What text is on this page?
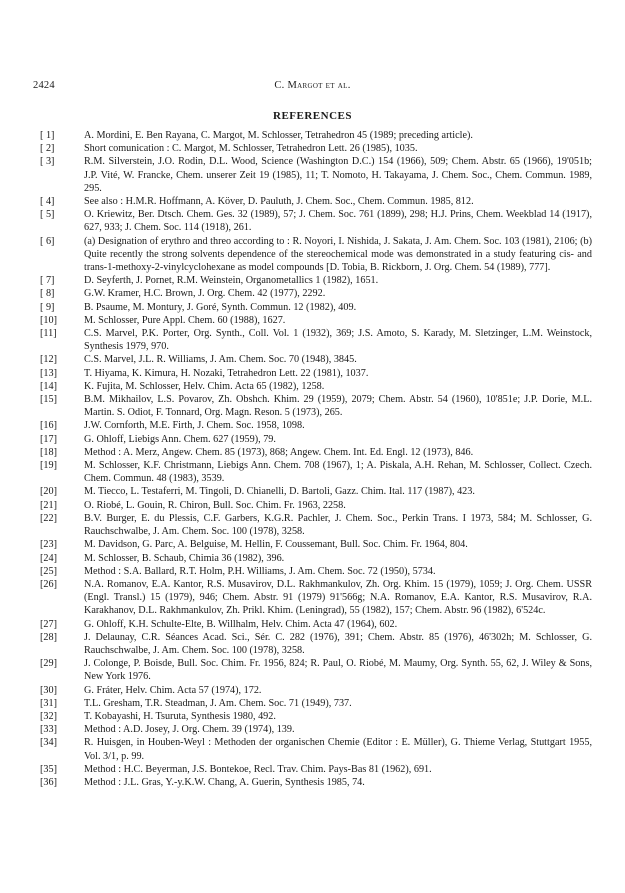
2424	C. Margot et al.
REFERENCES
[ 1]	A. Mordini, E. Ben Rayana, C. Margot, M. Schlosser, Tetrahedron 45 (1989; preceding article).
[ 2]	Short comunication : C. Margot, M. Schlosser, Tetrahedron Lett. 26 (1985), 1035.
[ 3]	R.M. Silverstein, J.O. Rodin, D.L. Wood, Science (Washington D.C.) 154 (1966), 509; Chem. Abstr. 65 (1966), 19'051b; J.P. Vité, W. Francke, Chem. unserer Zeit 19 (1985), 11; T. Nomoto, H. Takayama, J. Chem. Soc., Chem. Commun. 1989, 295.
[ 4]	See also : H.M.R. Hoffmann, A. Köver, D. Pauluth, J. Chem. Soc., Chem. Commun. 1985, 812.
[ 5]	O. Kriewitz, Ber. Dtsch. Chem. Ges. 32 (1989), 57; J. Chem. Soc. 761 (1899), 298; H.J. Prins, Chem. Weekblad 14 (1917), 627, 933; J. Chem. Soc. 114 (1918), 261.
[ 6]	(a) Designation of erythro and threo according to : R. Noyori, I. Nishida, J. Sakata, J. Am. Chem. Soc. 103 (1981), 2106; (b) Quite recently the strong solvents dependence of the stereochemical mode was demonstrated in a study featuring cis- and trans-1-methoxy-2-vinylcyclohexane as model compounds [D. Tobia, B. Rickborn, J. Org. Chem. 54 (1989), 777].
[ 7]	D. Seyferth, J. Pornet, R.M. Weinstein, Organometallics 1 (1982), 1651.
[ 8]	G.W. Kramer, H.C. Brown, J. Org. Chem. 42 (1977), 2292.
[ 9]	B. Psaume, M. Montury, J. Goré, Synth. Commun. 12 (1982), 409.
[10]	M. Schlosser, Pure Appl. Chem. 60 (1988), 1627.
[11]	C.S. Marvel, P.K. Porter, Org. Synth., Coll. Vol. 1 (1932), 369; J.S. Amoto, S. Karady, M. Sletzinger, L.M. Weinstock, Synthesis 1979, 970.
[12]	C.S. Marvel, J.L. R. Williams, J. Am. Chem. Soc. 70 (1948), 3845.
[13]	T. Hiyama, K. Kimura, H. Nozaki, Tetrahedron Lett. 22 (1981), 1037.
[14]	K. Fujita, M. Schlosser, Helv. Chim. Acta 65 (1982), 1258.
[15]	B.M. Mikhailov, L.S. Povarov, Zh. Obshch. Khim. 29 (1959), 2079; Chem. Abstr. 54 (1960), 10'851e; J.P. Dorie, M.L. Martin. S. Odiot, F. Tonnard, Org. Magn. Reson. 5 (1973), 265.
[16]	J.W. Cornforth, M.E. Firth, J. Chem. Soc. 1958, 1098.
[17]	G. Ohloff, Liebigs Ann. Chem. 627 (1959), 79.
[18]	Method : A. Merz, Angew. Chem. 85 (1973), 868; Angew. Chem. Int. Ed. Engl. 12 (1973), 846.
[19]	M. Schlosser, K.F. Christmann, Liebigs Ann. Chem. 708 (1967), 1; A. Piskala, A.H. Rehan, M. Schlosser, Collect. Czech. Chem. Commun. 48 (1983), 3539.
[20]	M. Tiecco, L. Testaferri, M. Tingoli, D. Chianelli, D. Bartoli, Gazz. Chim. Ital. 117 (1987), 423.
[21]	O. Riobé, L. Gouin, R. Chiron, Bull. Soc. Chim. Fr. 1963, 2258.
[22]	B.V. Burger, E. du Plessis, C.F. Garbers, K.G.R. Pachler, J. Chem. Soc., Perkin Trans. I 1973, 584; M. Schlosser, G. Rauchschwalbe, J. Am. Chem. Soc. 100 (1978), 3258.
[23]	M. Davidson, G. Parc, A. Belguise, M. Hellin, F. Coussemant, Bull. Soc. Chim. Fr. 1964, 804.
[24]	M. Schlosser, B. Schaub, Chimia 36 (1982), 396.
[25]	Method : S.A. Ballard, R.T. Holm, P.H. Williams, J. Am. Chem. Soc. 72 (1950), 5734.
[26]	N.A. Romanov, E.A. Kantor, R.S. Musavirov, D.L. Rakhmankulov, Zh. Org. Khim. 15 (1979), 1059; J. Org. Chem. USSR (Engl. Transl.) 15 (1979), 946; Chem. Abstr. 91 (1979) 91'566g; N.A. Romanov, E.A. Kantor, R.S. Musavirov, R.A. Karakhanov, D.L. Rakhmankulov, Zh. Prikl. Khim. (Leningrad), 55 (1982), 157; Chem. Abstr. 96 (1982), 6'524c.
[27]	G. Ohloff, K.H. Schulte-Elte, B. Willhalm, Helv. Chim. Acta 47 (1964), 602.
[28]	J. Delaunay, C.R. Séances Acad. Sci., Sér. C. 282 (1976), 391; Chem. Abstr. 85 (1976), 46'302h; M. Schlosser, G. Rauchschwalbe, J. Am. Chem. Soc. 100 (1978), 3258.
[29]	J. Colonge, P. Boisde, Bull. Soc. Chim. Fr. 1956, 824; R. Paul, O. Riobé, M. Maumy, Org. Synth. 55, 62, J. Wiley & Sons, New York 1976.
[30]	G. Fráter, Helv. Chim. Acta 57 (1974), 172.
[31]	T.L. Gresham, T.R. Steadman, J. Am. Chem. Soc. 71 (1949), 737.
[32]	T. Kobayashi, H. Tsuruta, Synthesis 1980, 492.
[33]	Method : A.D. Josey, J. Org. Chem. 39 (1974), 139.
[34]	R. Huisgen, in Houben-Weyl : Methoden der organischen Chemie (Editor : E. Müller), G. Thieme Verlag, Stuttgart 1955, Vol. 3/1, p. 99.
[35]	Method : H.C. Beyerman, J.S. Bontekoe, Recl. Trav. Chim. Pays-Bas 81 (1962), 691.
[36]	Method : J.L. Gras, Y.-y.K.W. Chang, A. Guerin, Synthesis 1985, 74.
